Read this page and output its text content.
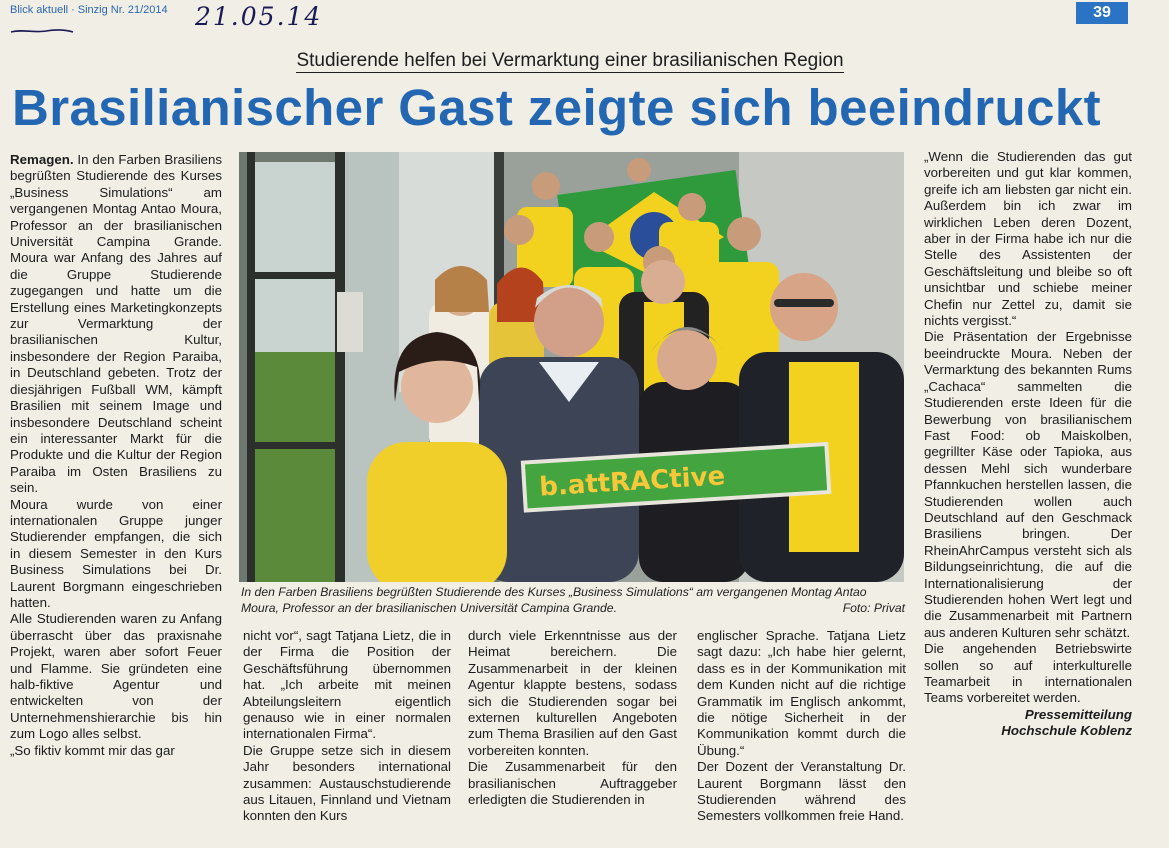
Blick aktuell · Sinzig Nr. 21/2014 21.05.14	39
Studierende helfen bei Vermarktung einer brasilianischen Region
Brasilianischer Gast zeigte sich beeindruckt

Remagen. In den Farben Brasiliens begrüßten Studierende des Kurses „Business Simulations“ am vergangenen Montag Antao Moura, Professor an der brasilianischen Universität Campina Grande. Moura war Anfang des Jahres auf die Gruppe Studierende zugegangen und hatte um die Erstellung eines Marketingkonzepts zur Vermarktung der brasilianischen Kultur, insbesondere der Region Paraiba, in Deutschland gebeten. Trotz der diesjährigen Fußball WM, kämpft Brasilien mit seinem Image und insbesondere Deutschland scheint ein interessanter Markt für die Produkte und die Kultur der Region Paraiba im Osten Brasiliens zu sein.

Moura wurde von einer internationalen Gruppe junger Studierender empfangen, die sich in diesem Semester in den Kurs Business Simulations bei Dr. Laurent Borgmann eingeschrieben hatten.

Alle Studierenden waren zu Anfang überrascht über das praxisnahe Projekt, waren aber sofort Feuer und Flamme. Sie gründeten eine halb-fiktive Agentur und entwickelten von der Unternehmenshierarchie bis hin zum Logo alles selbst.

„So fiktiv kommt mir das gar

b.attRACtive
In den Farben Brasiliens begrüßten Studierende des Kurses „Business Simulations“ am vergangenen Montag Antao Moura, Professor an der brasilianischen Universität Campina Grande.	Foto: Privat

nicht vor“, sagt Tatjana Lietz, die in der Firma die Position der Geschäftsführung übernommen hat. „Ich arbeite mit meinen Abteilungsleitern eigentlich genauso wie in einer normalen internationalen Firma“.

Die Gruppe setze sich in diesem Jahr besonders international zusammen: Austauschstudierende aus Litauen, Finnland und Vietnam konnten den Kurs

durch viele Erkenntnisse aus der Heimat bereichern. Die Zusammenarbeit in der kleinen Agentur klappte bestens, sodass sich die Studierenden sogar bei externen kulturellen Angeboten zum Thema Brasilien auf den Gast vorbereiten konnten.

Die Zusammenarbeit für den brasilianischen Auftraggeber erledigten die Studierenden in

englischer Sprache. Tatjana Lietz sagt dazu: „Ich habe hier gelernt, dass es in der Kommunikation mit dem Kunden nicht auf die richtige Grammatik im Englisch ankommt, die nötige Sicherheit in der Kommunikation kommt durch die Übung.“

Der Dozent der Veranstaltung Dr. Laurent Borgmann lässt den Studierenden während des Semesters vollkommen freie Hand.

„Wenn die Studierenden das gut vorbereiten und gut klar kommen, greife ich am liebsten gar nicht ein. Außerdem bin ich zwar im wirklichen Leben deren Dozent, aber in der Firma habe ich nur die Stelle des Assistenten der Geschäftsleitung und bleibe so oft unsichtbar und schiebe meiner Chefin nur Zettel zu, damit sie nichts vergisst.“

Die Präsentation der Ergebnisse beeindruckte Moura. Neben der Vermarktung des bekannten Rums „Cachaca“ sammelten die Studierenden erste Ideen für die Bewerbung von brasilianischem Fast Food: ob Maiskolben, gegrillter Käse oder Tapioka, aus dessen Mehl sich wunderbare Pfannkuchen herstellen lassen, die Studierenden wollen auch Deutschland auf den Geschmack Brasiliens bringen. Der RheinAhrCampus versteht sich als Bildungseinrichtung, die auf die Internationalisierung der Studierenden hohen Wert legt und die Zusammenarbeit mit Partnern aus anderen Kulturen sehr schätzt.

Die angehenden Betriebswirte sollen so auf interkulturelle Teamarbeit in internationalen Teams vorbereitet werden.

Pressemitteilung

Hochschule Koblenz
